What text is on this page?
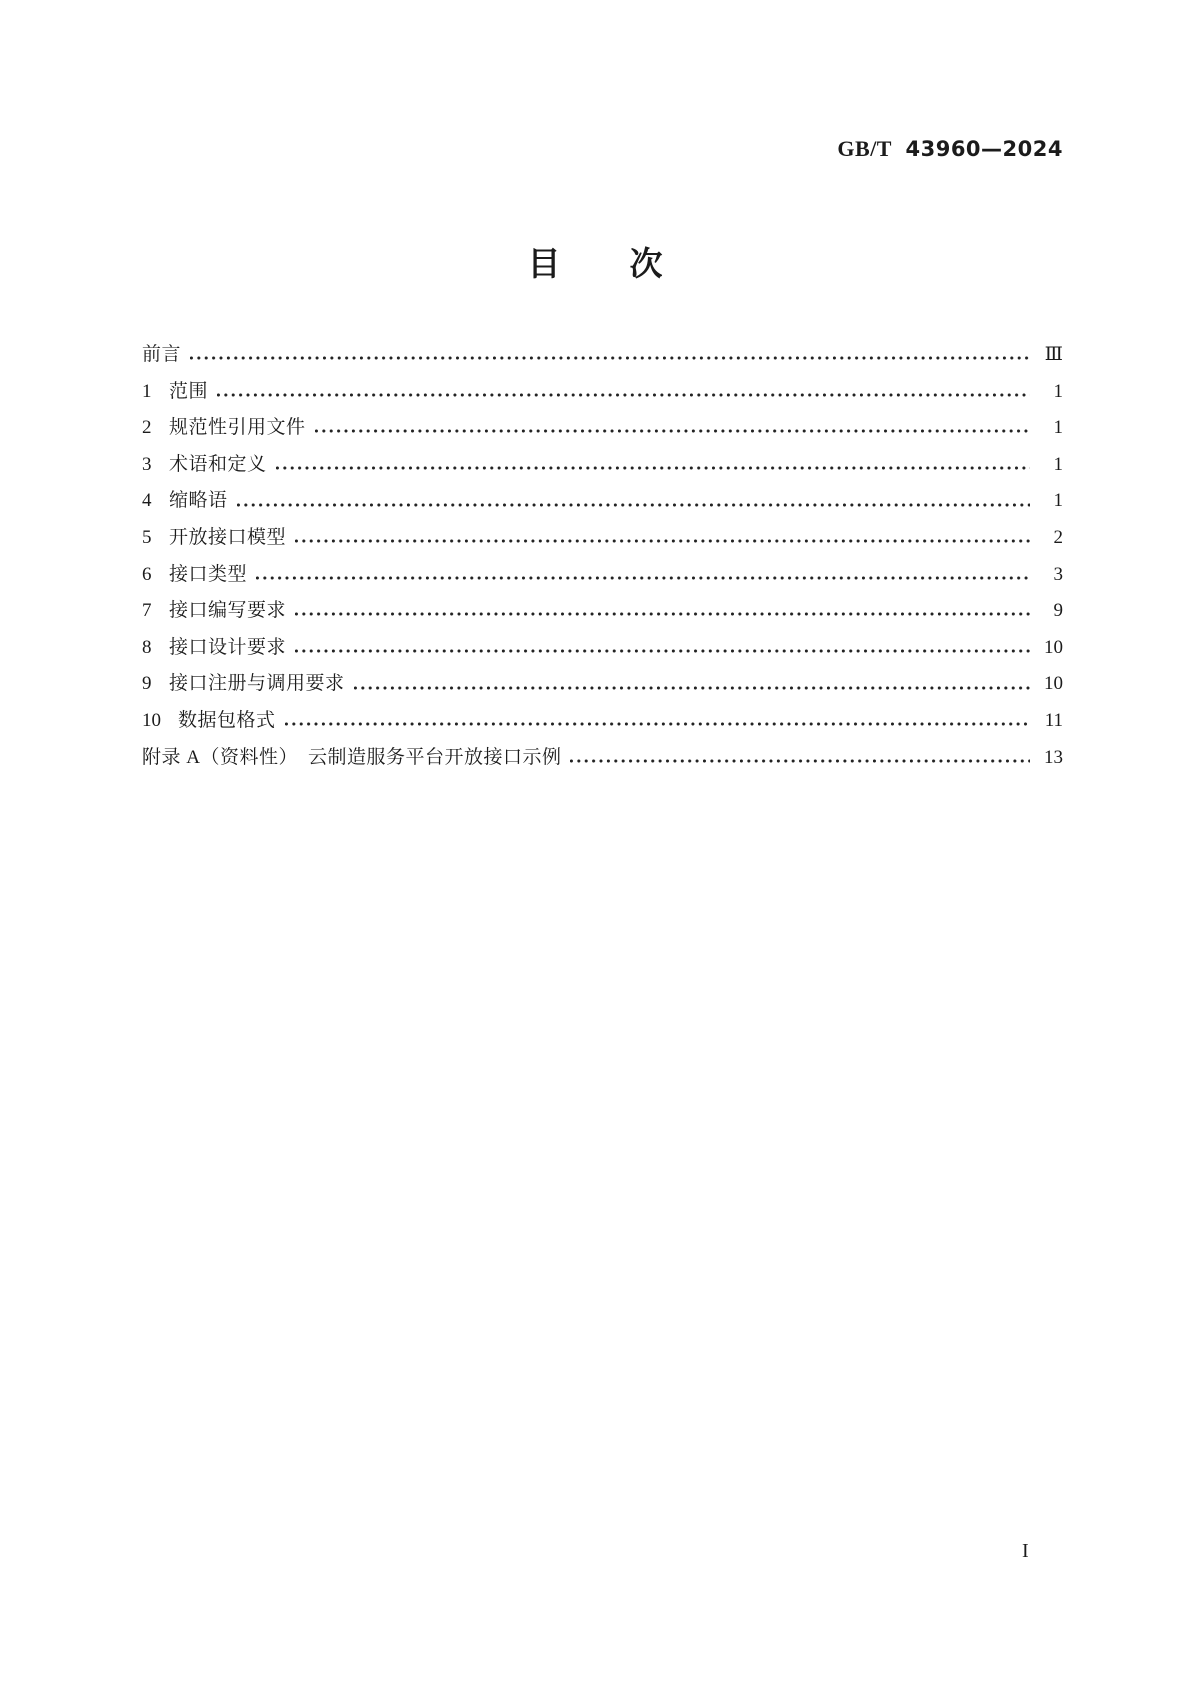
GB/T 43960—2024
目　　次
前言	Ⅲ
1 范围	1
2 规范性引用文件	1
3 术语和定义	1
4 缩略语	1
5 开放接口模型	2
6 接口类型	3
7 接口编写要求	9
8 接口设计要求	10
9 接口注册与调用要求	10
10 数据包格式	11
附录 A（资料性）　云制造服务平台开放接口示例	13
I
